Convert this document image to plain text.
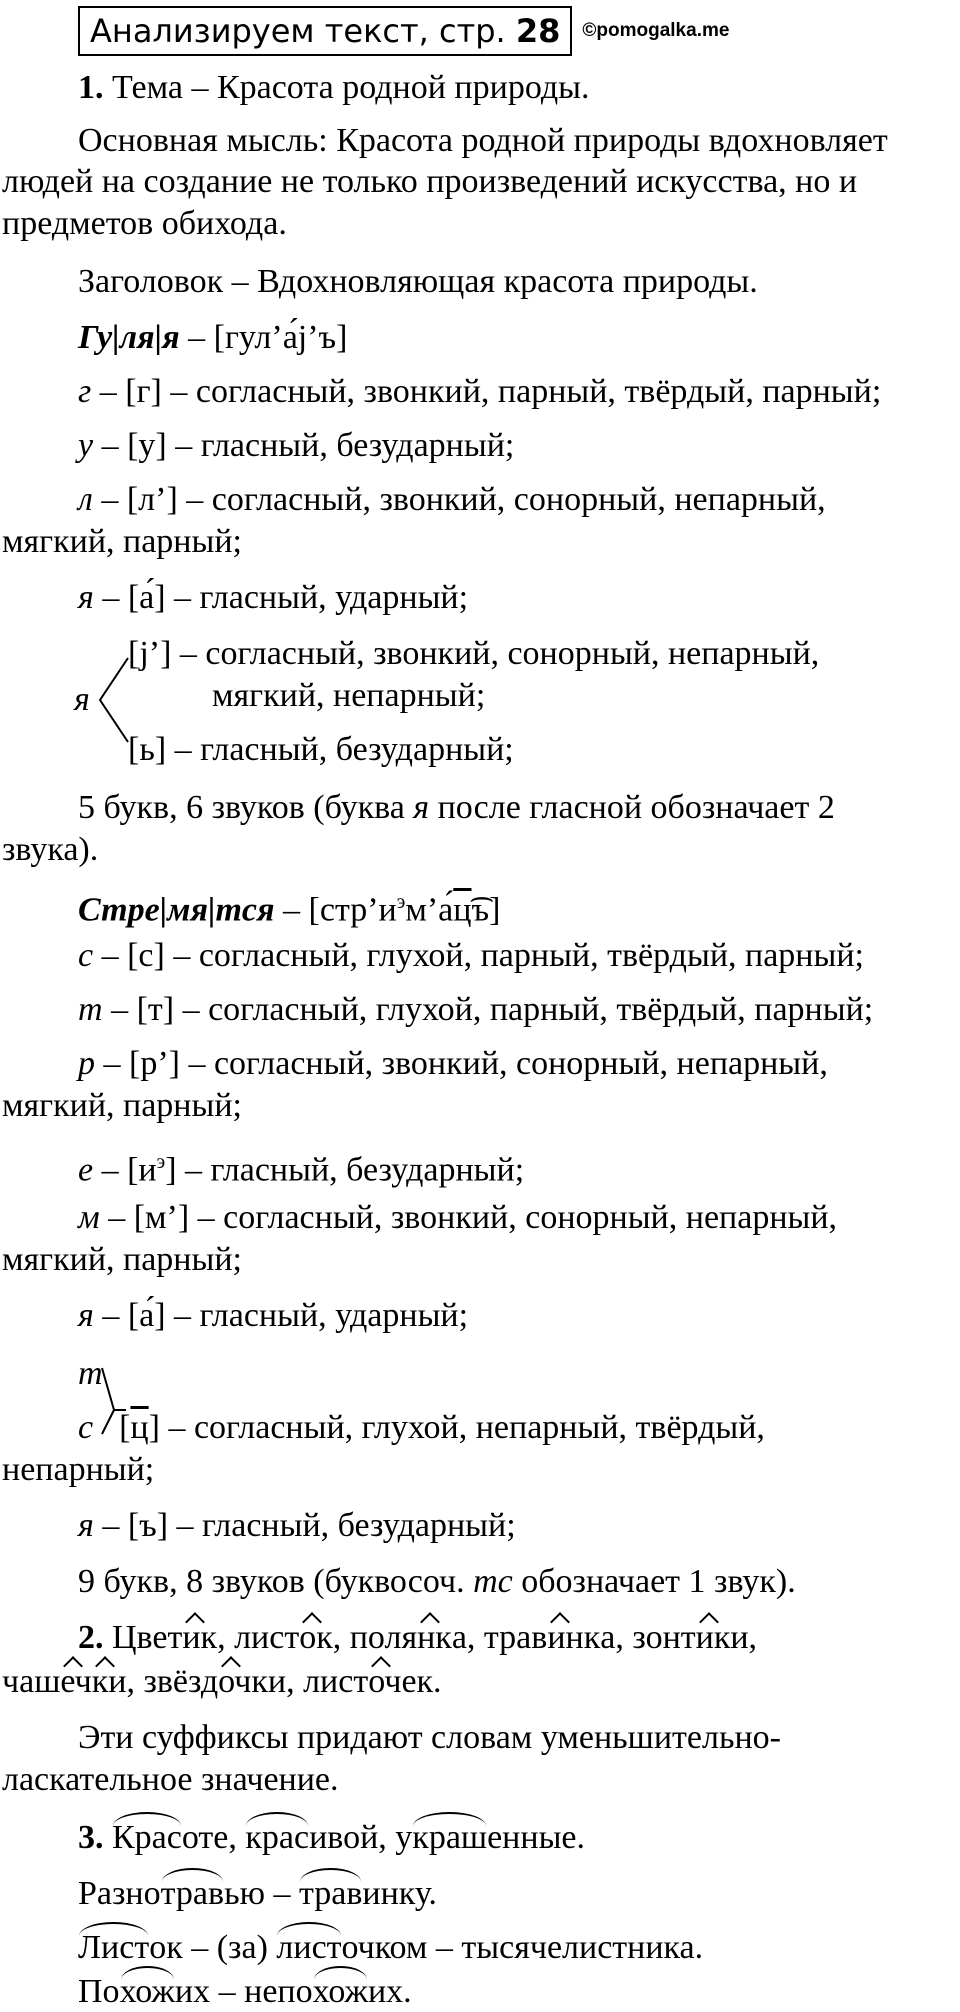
Анализируем текст, стр. 28	©pomogalka.me
1. Тема – Красота родной природы.
Основная мысль: Красота родной природы вдохновляет
людей на создание не только произведений искусства, но и
предметов обихода.
Заголовок – Вдохновляющая красота природы.
Гу|ля|я – [гул’а́j’ъ]
г – [г] – согласный, звонкий, парный, твёрдый, парный;
у – [у] – гласный, безударный;
л – [л’] – согласный, звонкий, сонорный, непарный,
мягкий, парный;
я – [а́] – гласный, ударный;
я
[j’] – согласный, звонкий, сонорный, непарный,
мягкий, непарный;
[ь] – гласный, безударный;
5 букв, 6 звуков (буква я после гласной обозначает 2
звука).
Стре|мя|тся – $[стр’и^эм’а́ц͡ъ]$
с – [с] – согласный, глухой, парный, твёрдый, парный;
т – [т] – согласный, глухой, парный, твёрдый, парный;
р – [р’] – согласный, звонкий, сонорный, непарный,
мягкий, парный;
е – $[и^э]$ – гласный, безударный;
м – [м’] – согласный, звонкий, сонорный, непарный,
мягкий, парный;
я – [а́] – гласный, ударный;
т
с [ц] – согласный, глухой, непарный, твёрдый,
непарный;
я – [ъ] – гласный, безударный;
9 букв, 8 звуков (буквосоч. тс обозначает 1 звук).
2. Цветик, листок, полянка, травинка, зонтики,
чашечки, звёздочки, листочек.
Эти суффиксы придают словам уменьшительно-
ласкательное значение.
3. Красоте, красивой, украшенные.
Разнотравью – травинку.
Листок – (за) листочком – тысячелистника.
Похожих – непохожих.
